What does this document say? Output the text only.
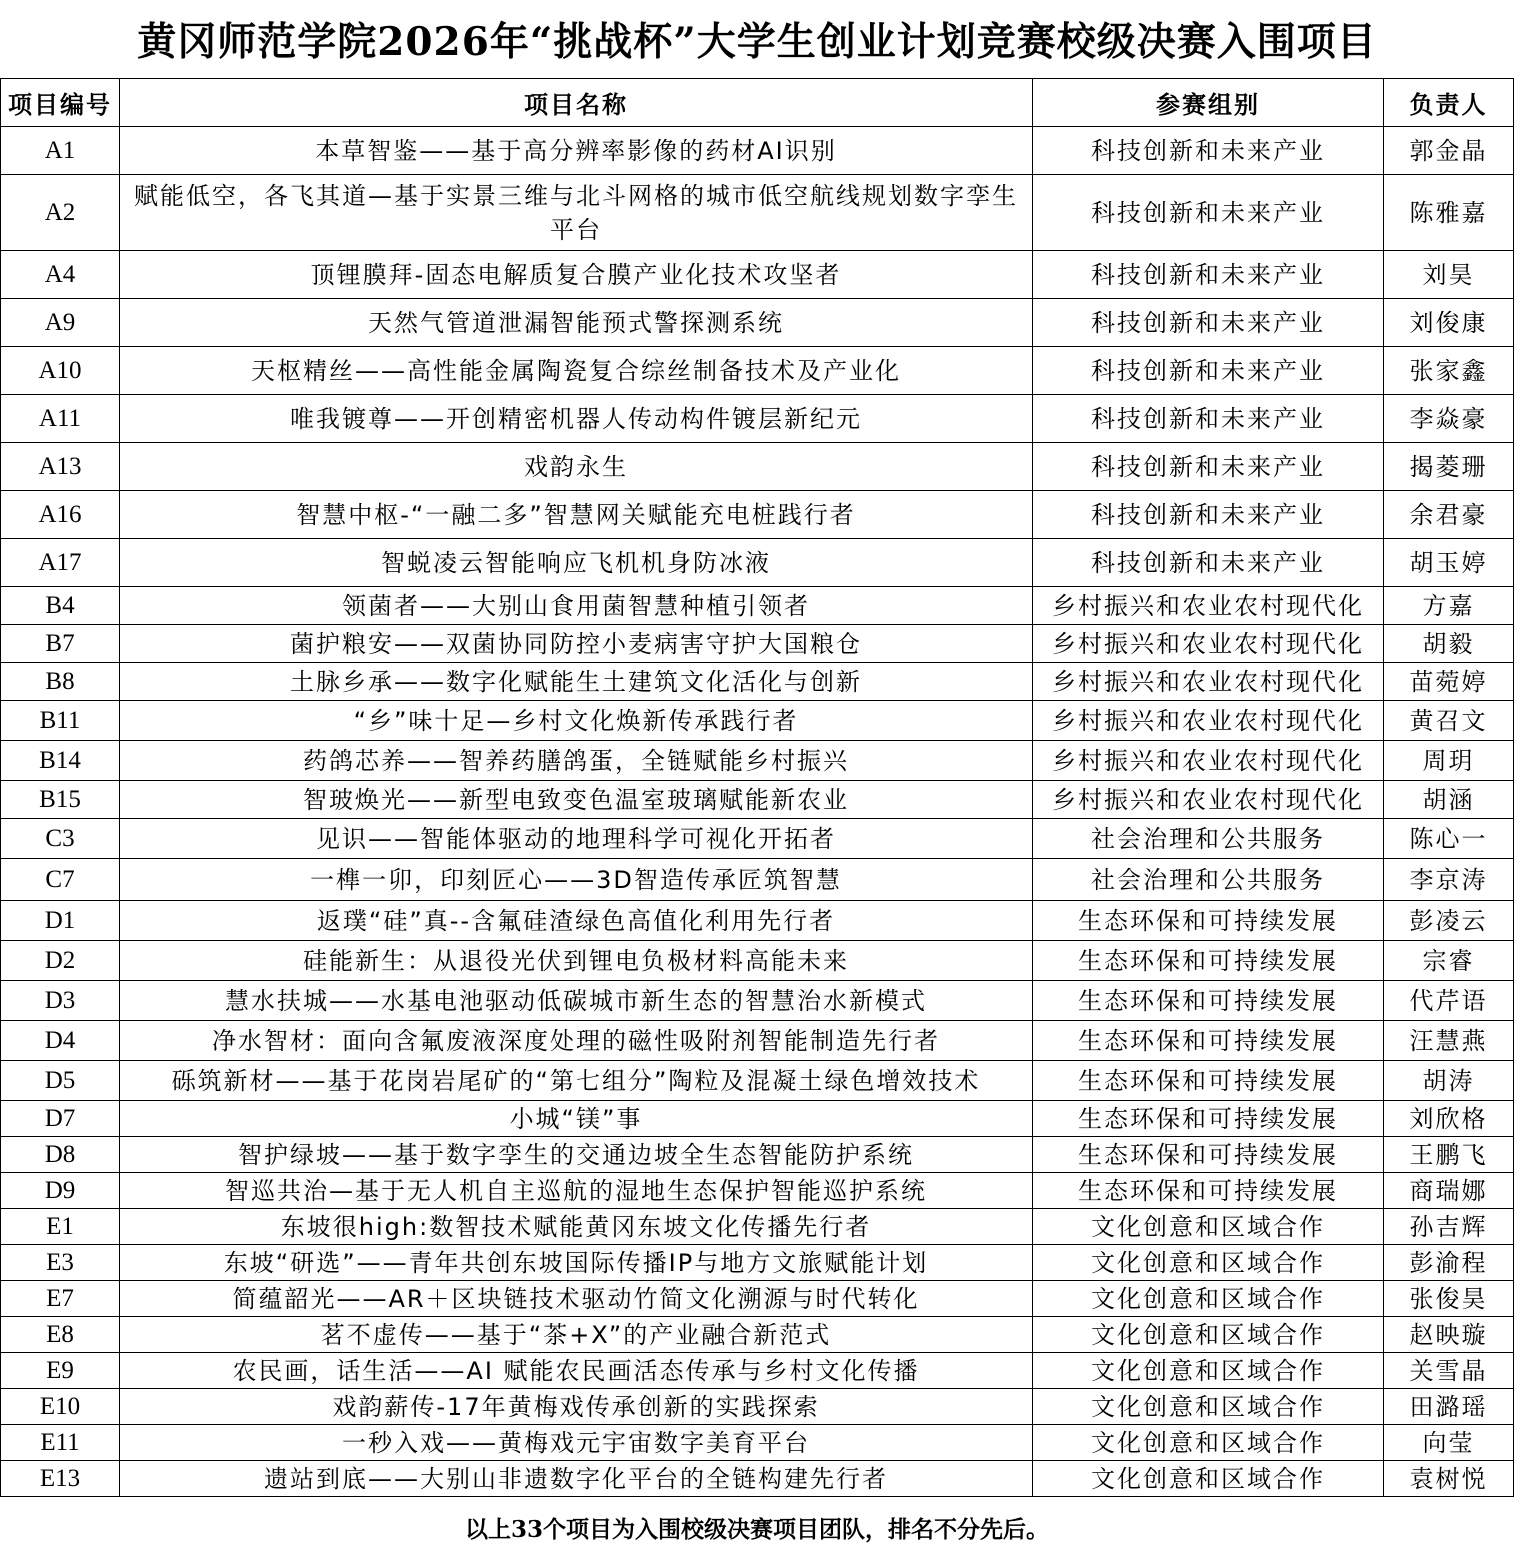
黄冈师范学院2026年“挑战杯”大学生创业计划竞赛校级决赛入围项目
项目编号	项目名称	参赛组别	负责人
A1	本草智鉴——基于高分辨率影像的药材AI识别	科技创新和未来产业	郭金晶
A2	赋能低空，各飞其道—基于实景三维与北斗网格的城市低空航线规划数字孪生平台	科技创新和未来产业	陈雅嘉
A4	顶锂膜拜-固态电解质复合膜产业化技术攻坚者	科技创新和未来产业	刘昊
A9	天然气管道泄漏智能预式警探测系统	科技创新和未来产业	刘俊康
A10	天枢精丝——高性能金属陶瓷复合综丝制备技术及产业化	科技创新和未来产业	张家鑫
A11	唯我镀尊——开创精密机器人传动构件镀层新纪元	科技创新和未来产业	李焱豪
A13	戏韵永生	科技创新和未来产业	揭菱珊
A16	智慧中枢-“一融二多”智慧网关赋能充电桩践行者	科技创新和未来产业	余君豪
A17	智蜕凌云智能响应飞机机身防冰液	科技创新和未来产业	胡玉婷
B4	领菌者——大别山食用菌智慧种植引领者	乡村振兴和农业农村现代化	方嘉
B7	菌护粮安——双菌协同防控小麦病害守护大国粮仓	乡村振兴和农业农村现代化	胡毅
B8	土脉乡承——数字化赋能生土建筑文化活化与创新	乡村振兴和农业农村现代化	苗菀婷
B11	“乡”味十足—乡村文化焕新传承践行者	乡村振兴和农业农村现代化	黄召文
B14	药鸽芯养——智养药膳鸽蛋，全链赋能乡村振兴	乡村振兴和农业农村现代化	周玥
B15	智玻焕光——新型电致变色温室玻璃赋能新农业	乡村振兴和农业农村现代化	胡涵
C3	见识——智能体驱动的地理科学可视化开拓者	社会治理和公共服务	陈心一
C7	一榫一卯，印刻匠心——3D智造传承匠筑智慧	社会治理和公共服务	李京涛
D1	返璞“硅”真--含氟硅渣绿色高值化利用先行者	生态环保和可持续发展	彭凌云
D2	硅能新生：从退役光伏到锂电负极材料高能未来	生态环保和可持续发展	宗睿
D3	慧水扶城——水基电池驱动低碳城市新生态的智慧治水新模式	生态环保和可持续发展	代芹语
D4	净水智材：面向含氟废液深度处理的磁性吸附剂智能制造先行者	生态环保和可持续发展	汪慧燕
D5	砾筑新材——基于花岗岩尾矿的“第七组分”陶粒及混凝土绿色增效技术	生态环保和可持续发展	胡涛
D7	小城“镁”事	生态环保和可持续发展	刘欣格
D8	智护绿坡——基于数字孪生的交通边坡全生态智能防护系统	生态环保和可持续发展	王鹏飞
D9	智巡共治—基于无人机自主巡航的湿地生态保护智能巡护系统	生态环保和可持续发展	商瑞娜
E1	东坡很high:数智技术赋能黄冈东坡文化传播先行者	文化创意和区域合作	孙吉辉
E3	东坡“研选”——青年共创东坡国际传播IP与地方文旅赋能计划	文化创意和区域合作	彭渝程
E7	简蕴韶光——AR＋区块链技术驱动竹简文化溯源与时代转化	文化创意和区域合作	张俊昊
E8	茗不虚传——基于“茶+X”的产业融合新范式	文化创意和区域合作	赵映璇
E9	农民画，话生活——AI 赋能农民画活态传承与乡村文化传播	文化创意和区域合作	关雪晶
E10	戏韵薪传-17年黄梅戏传承创新的实践探索	文化创意和区域合作	田潞瑶
E11	一秒入戏——黄梅戏元宇宙数字美育平台	文化创意和区域合作	向莹
E13	遗站到底——大别山非遗数字化平台的全链构建先行者	文化创意和区域合作	袁树悦
以上33个项目为入围校级决赛项目团队，排名不分先后。
